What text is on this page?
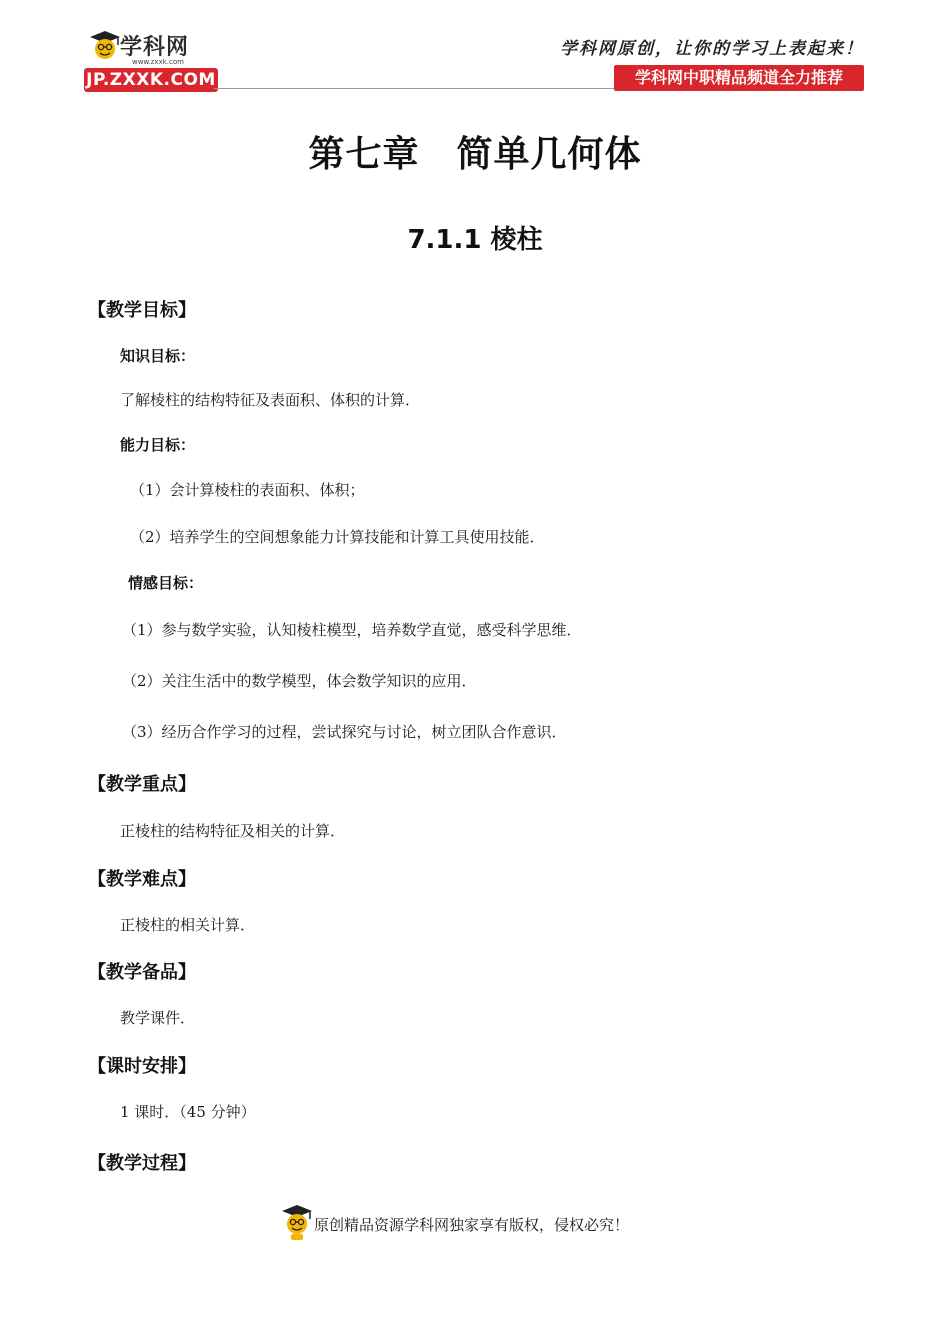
学科网
www.zxxk.com
JP.ZXXK.COM
学科网原创，让你的学习上表起来！
学科网中职精品频道全力推荐
第七章　简单几何体
7.1.1 棱柱
【教学目标】
知识目标：
了解棱柱的结构特征及表面积、体积的计算．
能力目标：
（1）会计算棱柱的表面积、体积；
（2）培养学生的空间想象能力计算技能和计算工具使用技能．
情感目标：
（1）参与数学实验，认知棱柱模型，培养数学直觉，感受科学思维．
（2）关注生活中的数学模型，体会数学知识的应用．
（3）经历合作学习的过程，尝试探究与讨论，树立团队合作意识．
【教学重点】
正棱柱的结构特征及相关的计算．
【教学难点】
正棱柱的相关计算．
【教学备品】
教学课件．
【课时安排】
1 课时．（45 分钟）
【教学过程】
原创精品资源学科网独家享有版权，侵权必究！
